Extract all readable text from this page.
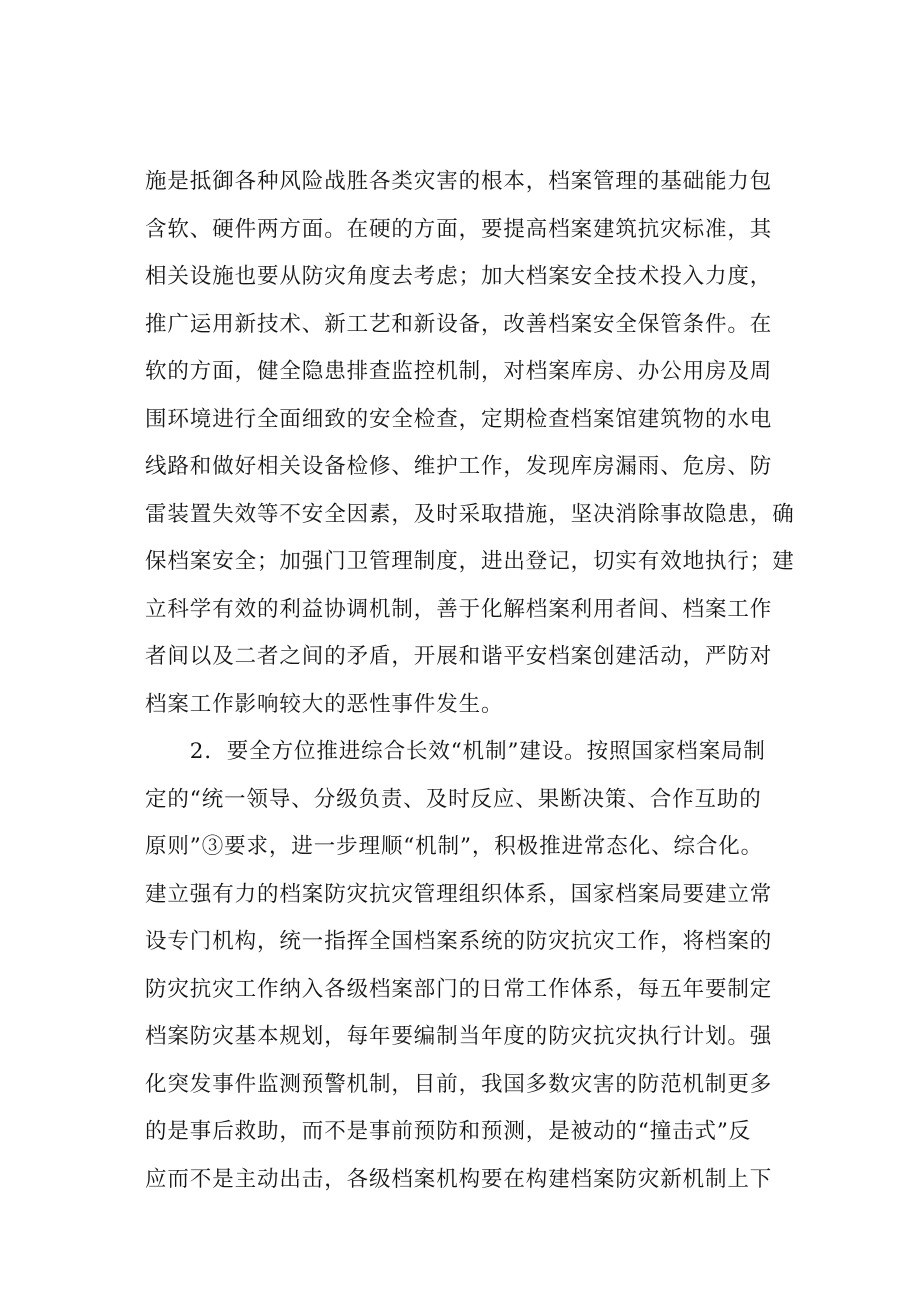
施是抵御各种风险战胜各类灾害的根本，档案管理的基础能力包
含软、硬件两方面。在硬的方面，要提高档案建筑抗灾标准，其
相关设施也要从防灾角度去考虑；加大档案安全技术投入力度，
推广运用新技术、新工艺和新设备，改善档案安全保管条件。在
软的方面，健全隐患排查监控机制，对档案库房、办公用房及周
围环境进行全面细致的安全检查，定期检查档案馆建筑物的水电
线路和做好相关设备检修、维护工作，发现库房漏雨、危房、防
雷装置失效等不安全因素，及时采取措施，坚决消除事故隐患，确
保档案安全；加强门卫管理制度，进出登记，切实有效地执行；建
立科学有效的利益协调机制，善于化解档案利用者间、档案工作
者间以及二者之间的矛盾，开展和谐平安档案创建活动，严防对
档案工作影响较大的恶性事件发生。
　　2．要全方位推进综合长效“机制”建设。按照国家档案局制
定的“统一领导、分级负责、及时反应、果断决策、合作互助的
原则”③要求，进一步理顺“机制”，积极推进常态化、综合化。
建立强有力的档案防灾抗灾管理组织体系，国家档案局要建立常
设专门机构，统一指挥全国档案系统的防灾抗灾工作，将档案的
防灾抗灾工作纳入各级档案部门的日常工作体系，每五年要制定
档案防灾基本规划，每年要编制当年度的防灾抗灾执行计划。强
化突发事件监测预警机制，目前，我国多数灾害的防范机制更多
的是事后救助，而不是事前预防和预测，是被动的“撞击式”反
应而不是主动出击，各级档案机构要在构建档案防灾新机制上下
